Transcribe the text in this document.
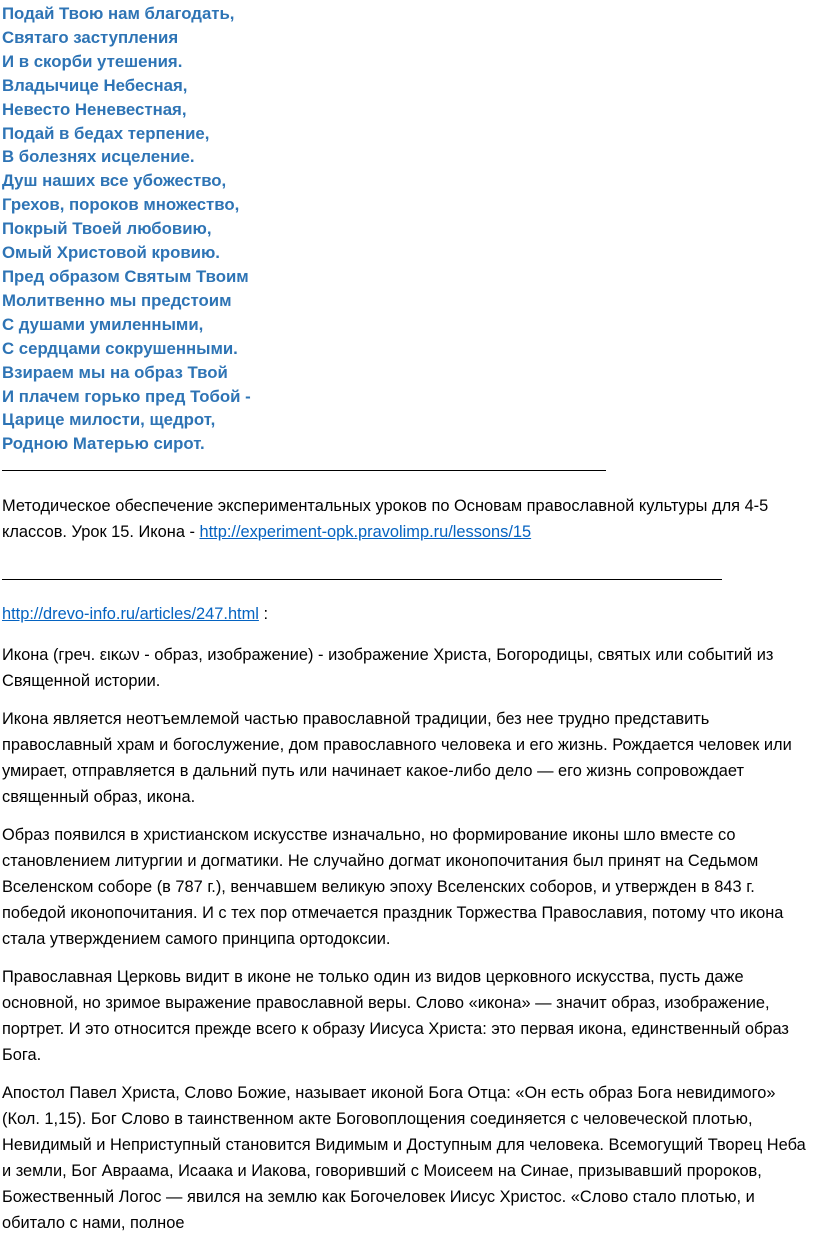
Подай Твою нам благодать,
Святаго заступления
И в скорби утешения.
Владычице Небесная,
Невесто Неневестная,
Подай в бедах терпение,
В болезнях исцеление.
Душ наших все убожество,
Грехов, пороков множество,
Покрый Твоей любовию,
Омый Христовой кровию.
Пред образом Святым Твоим
Молитвенно мы предстоим
С душами умиленными,
С сердцами сокрушенными.
Взираем мы на образ Твой
И плачем горько пред Тобой -
Царице милости, щедрот,
Родною Матерью сирот.

Методическое обеспечение экспериментальных уроков по Основам православной культуры для 4-5 классов. Урок 15. Икона - http://experiment-opk.pravolimp.ru/lessons/15

http://drevo-info.ru/articles/247.html :

Икона (греч. εικων - образ, изображение) - изображение Христа, Богородицы, святых или событий из Священной истории.

Икона является неотъемлемой частью православной традиции, без нее трудно представить православный храм и богослужение, дом православного человека и его жизнь. Рождается человек или умирает, отправляется в дальний путь или начинает какое-либо дело — его жизнь сопровождает священный образ, икона.

Образ появился в христианском искусстве изначально, но формирование иконы шло вместе со становлением литургии и догматики. Не случайно догмат иконопочитания был принят на Седьмом Вселенском соборе (в 787 г.), венчавшем великую эпоху Вселенских соборов, и утвержден в 843 г. победой иконопочитания. И с тех пор отмечается праздник Торжества Православия, потому что икона стала утверждением самого принципа ортодоксии.

Православная Церковь видит в иконе не только один из видов церковного искусства, пусть даже основной, но зримое выражение православной веры. Слово «икона» — значит образ, изображение, портрет. И это относится прежде всего к образу Иисуса Христа: это первая икона, единственный образ Бога.

Апостол Павел Христа, Слово Божие, называет иконой Бога Отца: «Он есть образ Бога невидимого» (Кол. 1,15). Бог Слово в таинственном акте Боговоплощения соединяется с человеческой плотью, Невидимый и Неприступный становится Видимым и Доступным для человека. Всемогущий Творец Неба и земли, Бог Авраама, Исаака и Иакова, говоривший с Моисеем на Синае, призывавший пророков, Божественный Логос — явился на землю как Богочеловек Иисус Христос. «Слово стало плотью, и обитало с нами, полное
